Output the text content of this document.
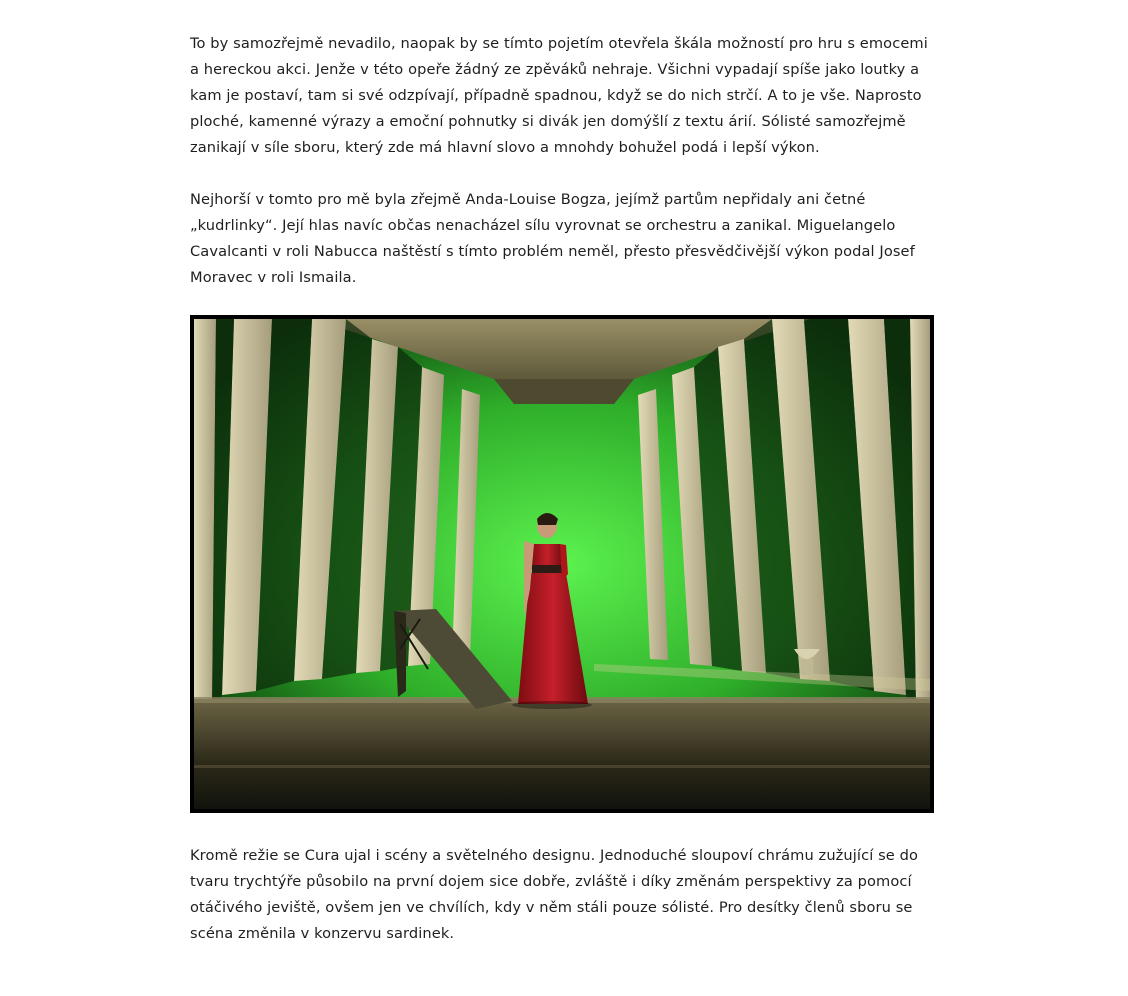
To by samozřejmě nevadilo, naopak by se tímto pojetím otevřela škála možností pro hru s emocemi a hereckou akci. Jenže v této opeře žádný ze zpěváků nehraje. Všichni vypadají spíše jako loutky a kam je postaví, tam si své odzpívají, případně spadnou, když se do nich strčí. A to je vše. Naprosto ploché, kamenné výrazy a emoční pohnutky si divák jen domýšlí z textu árií. Sólisté samozřejmě zanikají v síle sboru, který zde má hlavní slovo a mnohdy bohužel podá i lepší výkon.

Nejhorší v tomto pro mě byla zřejmě Anda-Louise Bogza, jejímž partům nepřidaly ani četné „kudrlinky“. Její hlas navíc občas nenacházel sílu vyrovnat se orchestru a zanikal. Miguelangelo Cavalcanti v roli Nabucca naštěstí s tímto problém neměl, přesto přesvědčivější výkon podal Josef Moravec v roli Ismaila.

Kromě režie se Cura ujal i scény a světelného designu. Jednoduché sloupoví chrámu zužující se do tvaru trychtýře působilo na první dojem sice dobře, zvláště i díky změnám perspektivy za pomocí otáčivého jeviště, ovšem jen ve chvílích, kdy v něm stáli pouze sólisté. Pro desítky členů sboru se scéna změnila v konzervu sardinek.
